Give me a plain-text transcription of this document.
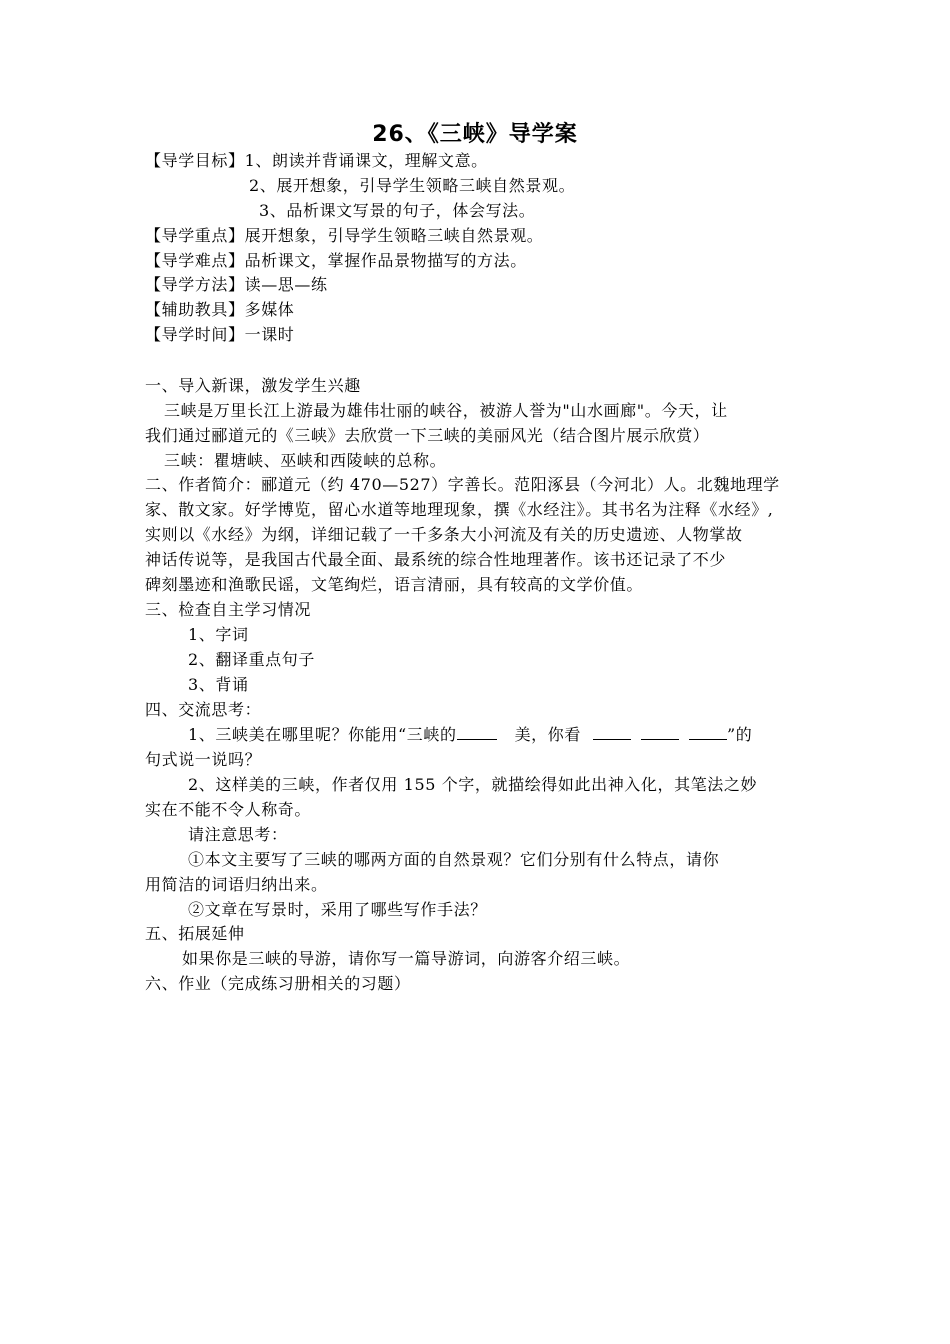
26、《三峡》导学案
【导学目标】1、朗读并背诵课文，理解文意。
2、展开想象，引导学生领略三峡自然景观。
3、品析课文写景的句子，体会写法。
【导学重点】展开想象，引导学生领略三峡自然景观。
【导学难点】品析课文，掌握作品景物描写的方法。
【导学方法】读—思—练
【辅助教具】多媒体
【导学时间】一课时
一、导入新课，激发学生兴趣
三峡是万里长江上游最为雄伟壮丽的峡谷，被游人誉为"山水画廊"。今天，让
我们通过郦道元的《三峡》去欣赏一下三峡的美丽风光（结合图片展示欣赏）
三峡：瞿塘峡、巫峡和西陵峡的总称。
二、作者简介：郦道元（约 470—527）字善长。范阳涿县（今河北）人。北魏地理学
家、散文家。好学博览，留心水道等地理现象，撰《水经注》。其书名为注释《水经》,
实则以《水经》为纲，详细记载了一千多条大小河流及有关的历史遗迹、人物掌故
神话传说等，是我国古代最全面、最系统的综合性地理著作。该书还记录了不少
碑刻墨迹和渔歌民谣，文笔绚烂，语言清丽，具有较高的文学价值。
三、检查自主学习情况
1、字词
2、翻译重点句子
3、背诵
四、交流思考：
1、三峡美在哪里呢？你能用“三峡的	美，你看	”的
句式说一说吗？
2、这样美的三峡，作者仅用 155 个字，就描绘得如此出神入化，其笔法之妙
实在不能不令人称奇。
请注意思考：
①本文主要写了三峡的哪两方面的自然景观？它们分别有什么特点，请你
用简洁的词语归纳出来。
②文章在写景时，采用了哪些写作手法？
五、拓展延伸
如果你是三峡的导游，请你写一篇导游词，向游客介绍三峡。
六、作业（完成练习册相关的习题）
